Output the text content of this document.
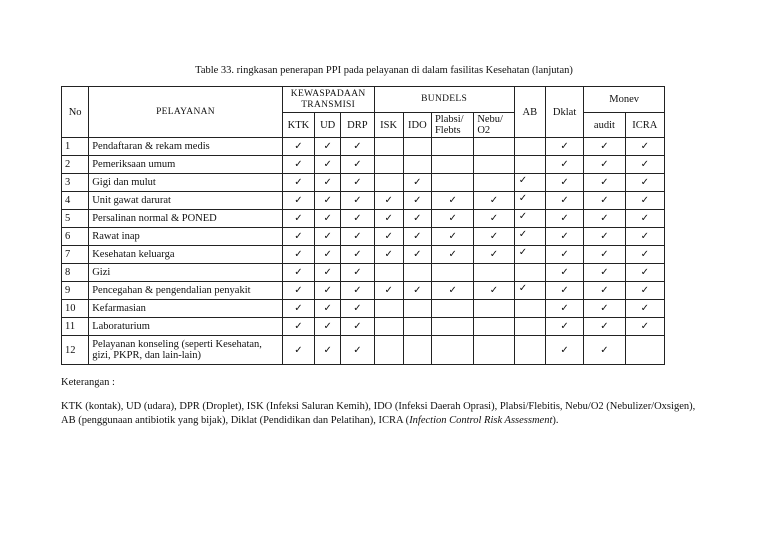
Table 33. ringkasan penerapan PPI pada pelayanan di dalam fasilitas Kesehatan (lanjutan)
No	PELAYANAN	KEWASPADAAN TRANSMISI			BUNDELS				AB	Dklat	Monev	
		KTK	UD	DRP	ISK	IDO	Plabsi/ Flebts	Nebu/ O2			audit	ICRA
1	Pendaftaran & rekam medis	✓	✓	✓						✓	✓	✓
2	Pemeriksaan umum	✓	✓	✓						✓	✓	✓
3	Gigi dan mulut	✓	✓	✓		✓			✓	✓	✓	✓
4	Unit gawat darurat	✓	✓	✓	✓	✓	✓	✓	✓	✓	✓	✓
5	Persalinan normal & PONED	✓	✓	✓	✓	✓	✓	✓	✓	✓	✓	✓
6	Rawat inap	✓	✓	✓	✓	✓	✓	✓	✓	✓	✓	✓
7	Kesehatan keluarga	✓	✓	✓	✓	✓	✓	✓	✓	✓	✓	✓
8	Gizi	✓	✓	✓						✓	✓	✓
9	Pencegahan & pengendalian penyakit	✓	✓	✓	✓	✓	✓	✓	✓	✓	✓	✓
10	Kefarmasian	✓	✓	✓						✓	✓	✓
11	Laboraturium	✓	✓	✓						✓	✓	✓
12	Pelayanan konseling (seperti Kesehatan, gizi, PKPR, dan lain-lain)	✓	✓	✓						✓	✓	
Keterangan :
KTK (kontak), UD (udara), DPR (Droplet), ISK (Infeksi Saluran Kemih), IDO (Infeksi Daerah Oprasi), Plabsi/Flebitis, Nebu/O2 (Nebulizer/Oxsigen), AB (penggunaan antibiotik yang bijak), Diklat (Pendidikan dan Pelatihan), ICRA (Infection Control Risk Assessment).
